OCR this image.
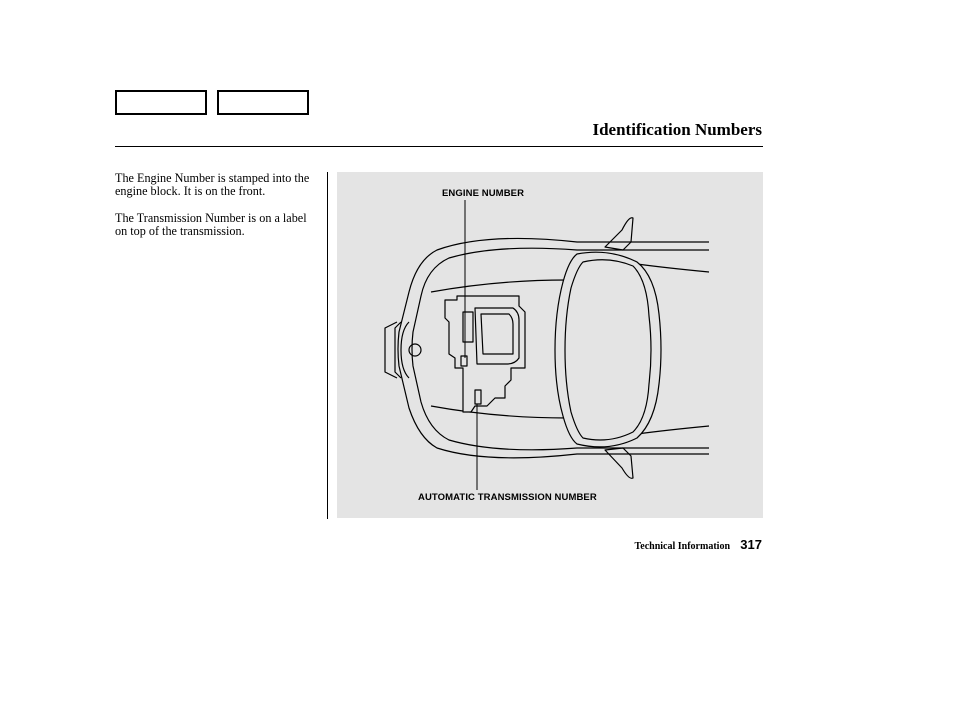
Identification Numbers

The Engine Number is stamped into the engine block. It is on the front.

The Transmission Number is on a label on top of the transmission.

ENGINE NUMBER
AUTOMATIC TRANSMISSION NUMBER
Technical Information 317
